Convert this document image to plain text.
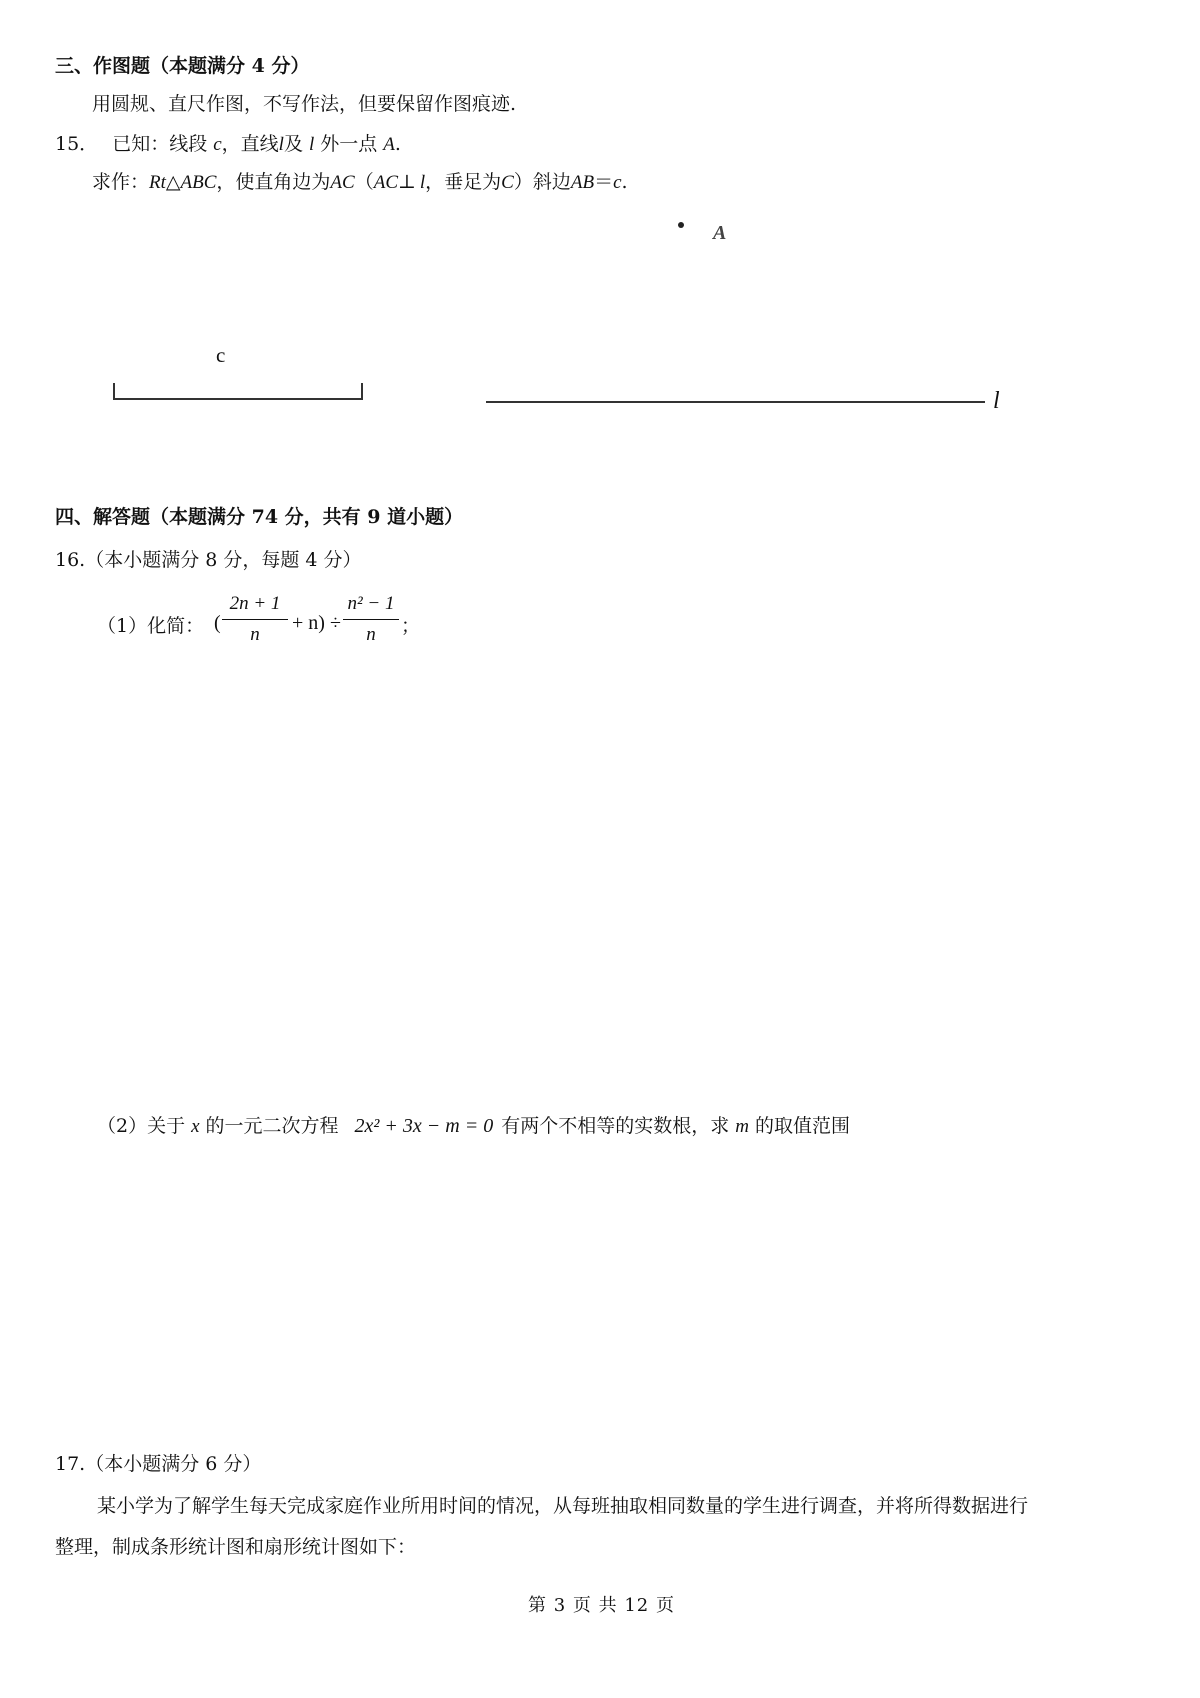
三、作图题（本题满分 4 分）
用圆规、直尺作图，不写作法，但要保留作图痕迹.
15． 已知：线段 c，直线l及 l 外一点 A.
求作：Rt△ABC，使直角边为AC（AC⊥ l，垂足为C）斜边AB＝c.
A
c
l
四、解答题（本题满分 74 分，共有 9 道小题）
16.（本小题满分 8 分，每题 4 分）
（1）化简： (
2n + 1
n
+ n) ÷
n² − 1
n	；
（2）关于 x 的一元二次方程 2x² + 3x − m = 0 有两个不相等的实数根，求 m 的取值范围
17.（本小题满分 6 分）
某小学为了解学生每天完成家庭作业所用时间的情况，从每班抽取相同数量的学生进行调查，并将所得数据进行
整理，制成条形统计图和扇形统计图如下：
第 3 页 共 12 页
